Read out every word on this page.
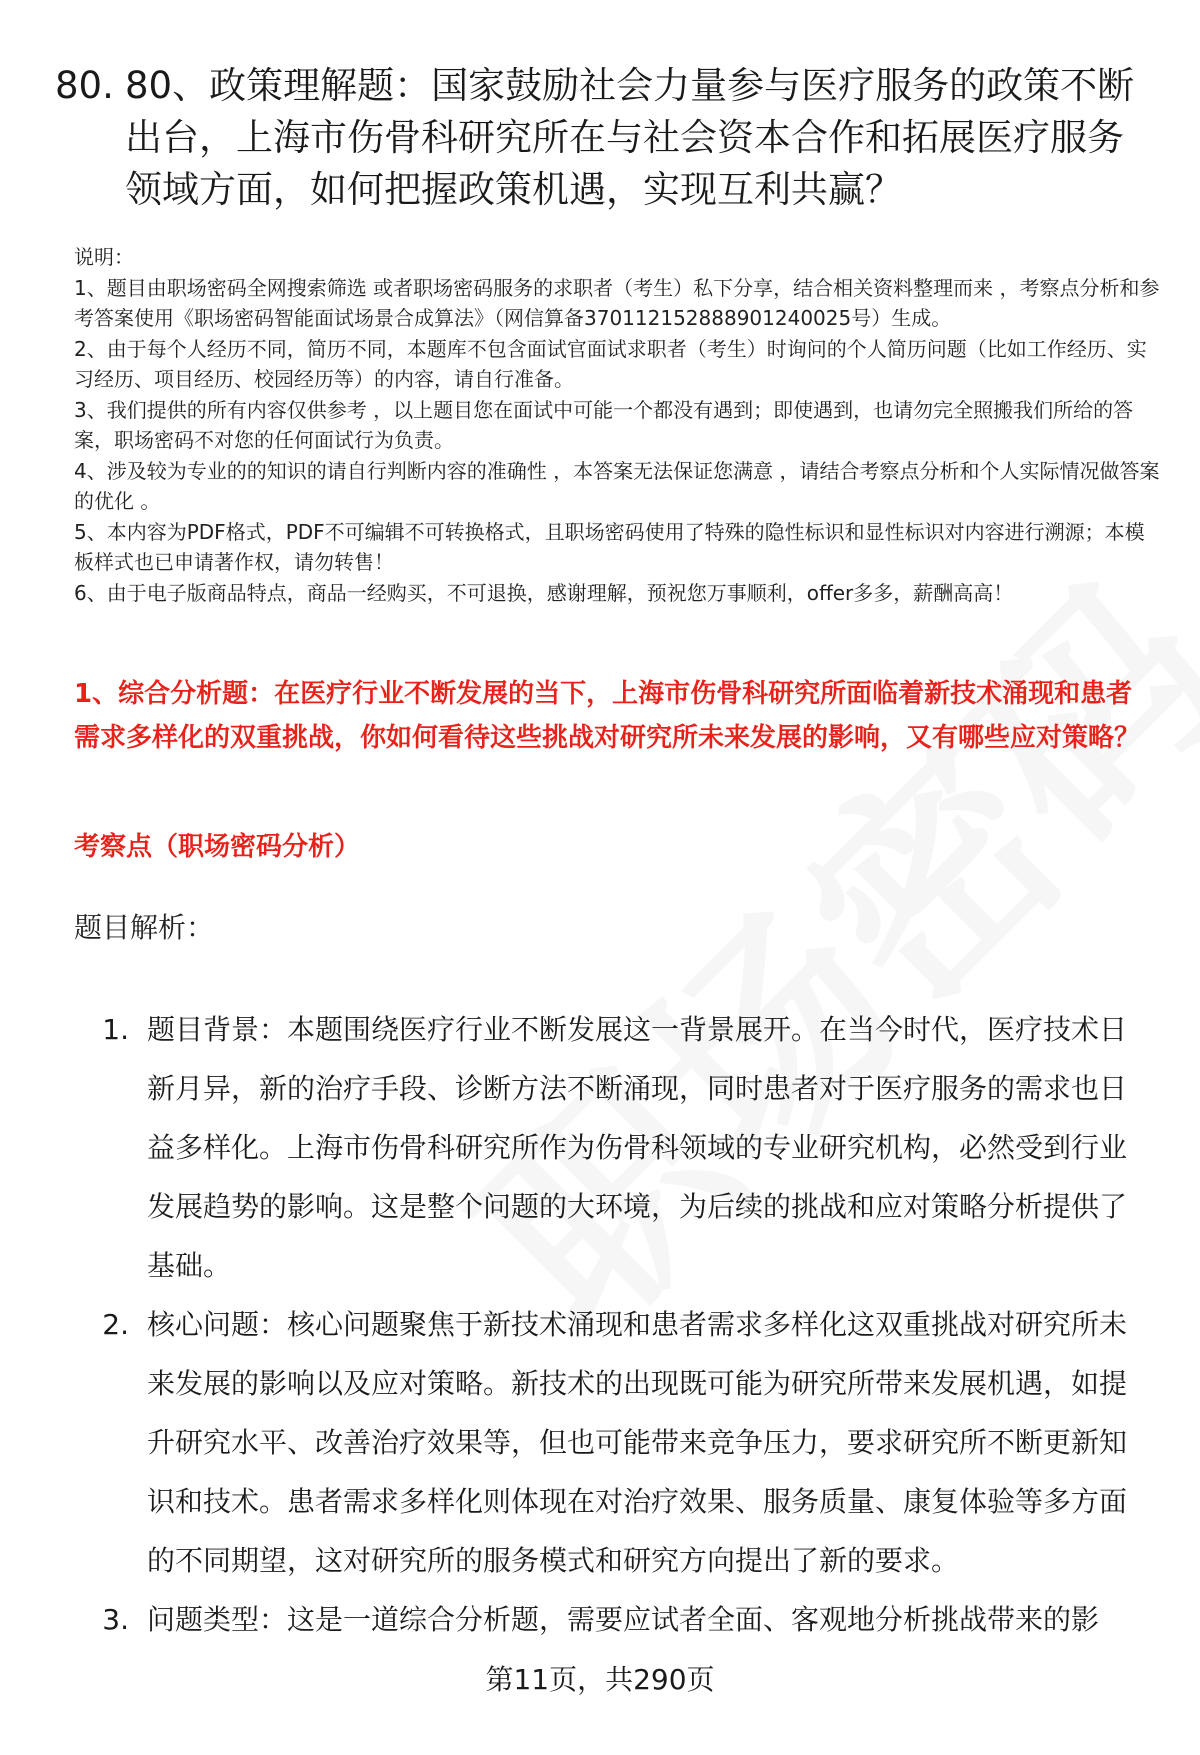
80. 80、政策理解题：国家鼓励社会力量参与医疗服务的政策不断出台，上海市伤骨科研究所在与社会资本合作和拓展医疗服务领域方面，如何把握政策机遇，实现互利共赢？

说明：

1、题目由职场密码全网搜索筛选 或者职场密码服务的求职者（考生）私下分享，结合相关资料整理而来 ，考察点分析和参考答案使用《职场密码智能面试场景合成算法》（网信算备370112152888901240025号）生成。

2、由于每个人经历不同，简历不同，本题库不包含面试官面试求职者（考生）时询问的个人简历问题（比如工作经历、实习经历、项目经历、校园经历等）的内容，请自行准备。

3、我们提供的所有内容仅供参考 ，以上题目您在面试中可能一个都没有遇到；即使遇到，也请勿完全照搬我们所给的答案，职场密码不对您的任何面试行为负责。

4、涉及较为专业的的知识的请自行判断内容的准确性 ，本答案无法保证您满意 ，请结合考察点分析和个人实际情况做答案的优化 。

5、本内容为PDF格式，PDF不可编辑不可转换格式，且职场密码使用了特殊的隐性标识和显性标识对内容进行溯源；本模板样式也已申请著作权，请勿转售！

6、由于电子版商品特点，商品一经购买，不可退换，感谢理解，预祝您万事顺利，offer多多，薪酬高高！

1、综合分析题：在医疗行业不断发展的当下，上海市伤骨科研究所面临着新技术涌现和患者需求多样化的双重挑战，你如何看待这些挑战对研究所未来发展的影响，又有哪些应对策略？
考察点（职场密码分析）
题目解析：
1. 题目背景：本题围绕医疗行业不断发展这一背景展开。在当今时代，医疗技术日新月异，新的治疗手段、诊断方法不断涌现，同时患者对于医疗服务的需求也日益多样化。上海市伤骨科研究所作为伤骨科领域的专业研究机构，必然受到行业发展趋势的影响。这是整个问题的大环境，为后续的挑战和应对策略分析提供了基础。
2. 核心问题：核心问题聚焦于新技术涌现和患者需求多样化这双重挑战对研究所未来发展的影响以及应对策略。新技术的出现既可能为研究所带来发展机遇，如提升研究水平、改善治疗效果等，但也可能带来竞争压力，要求研究所不断更新知识和技术。患者需求多样化则体现在对治疗效果、服务质量、康复体验等多方面的不同期望，这对研究所的服务模式和研究方向提出了新的要求。
3. 问题类型：这是一道综合分析题，需要应试者全面、客观地分析挑战带来的影
第11页，共290页
